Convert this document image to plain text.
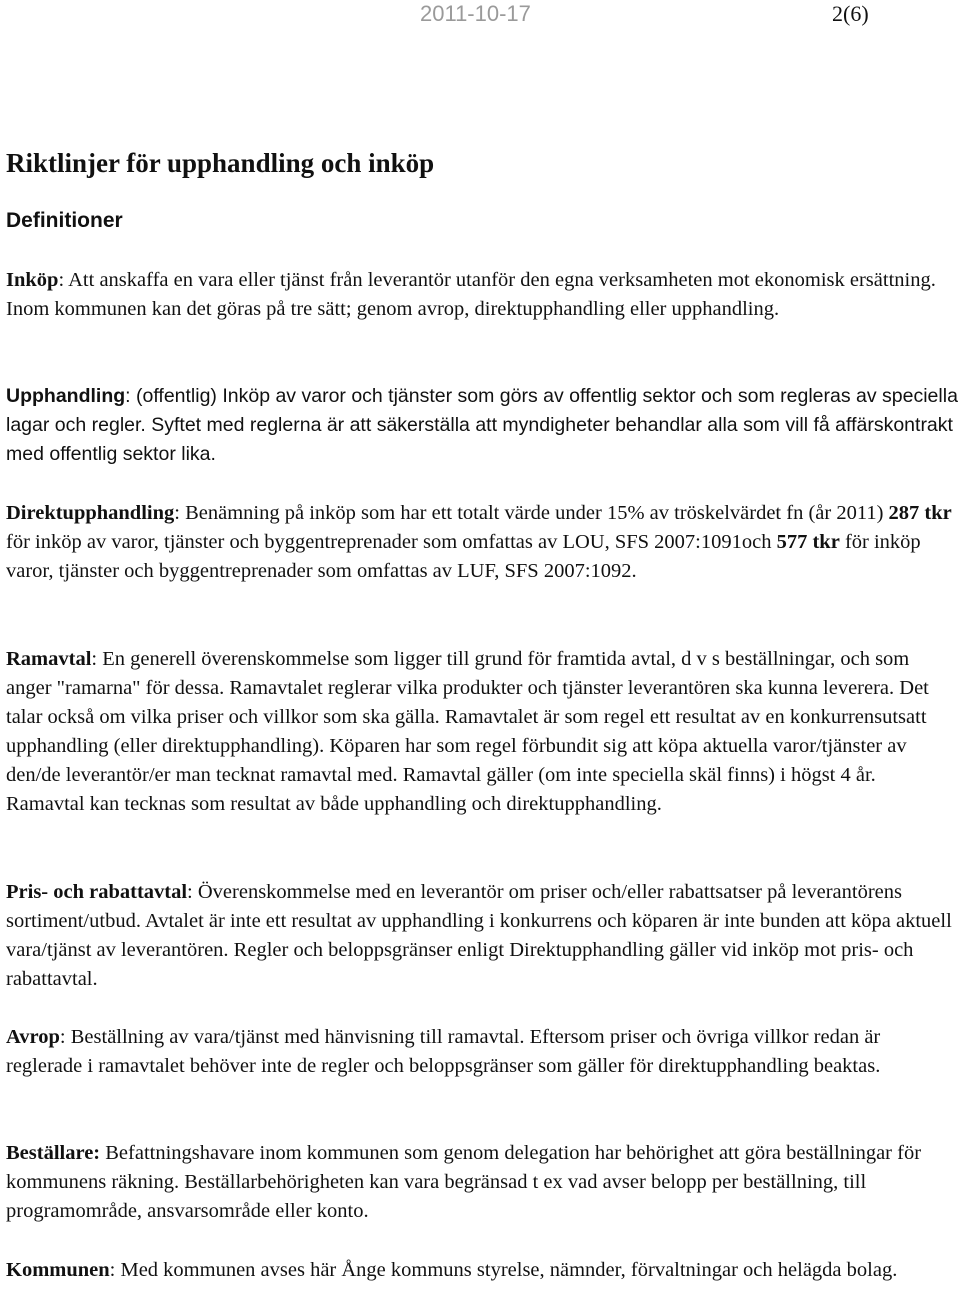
2011-10-17	2(6)
Riktlinjer för upphandling och inköp
Definitioner

Inköp: Att anskaffa en vara eller tjänst från leverantör utanför den egna verksamheten mot ekonomisk ersättning. Inom kommunen kan det göras på tre sätt; genom avrop, direktupphandling eller upphandling.

Upphandling: (offentlig) Inköp av varor och tjänster som görs av offentlig sektor och som regleras av speciella lagar och regler. Syftet med reglerna är att säkerställa att myndigheter behandlar alla som vill få affärskontrakt med offentlig sektor lika.

Direktupphandling: Benämning på inköp som har ett totalt värde under 15% av tröskelvärdet fn (år 2011) 287 tkr för inköp av varor, tjänster och byggentreprenader som omfattas av LOU, SFS 2007:1091och 577 tkr för inköp varor, tjänster och byggentreprenader som omfattas av LUF, SFS 2007:1092.

Ramavtal: En generell överenskommelse som ligger till grund för framtida avtal, d v s beställningar, och som anger "ramarna" för dessa. Ramavtalet reglerar vilka produkter och tjänster leverantören ska kunna leverera. Det talar också om vilka priser och villkor som ska gälla. Ramavtalet är som regel ett resultat av en konkurrensutsatt upphandling (eller direktupphandling). Köparen har som regel förbundit sig att köpa aktuella varor/tjänster av den/de leverantör/er man tecknat ramavtal med. Ramavtal gäller (om inte speciella skäl finns) i högst 4 år. Ramavtal kan tecknas som resultat av både upphandling och direktupphandling.

Pris- och rabattavtal: Överenskommelse med en leverantör om priser och/eller rabattsatser på leverantörens sortiment/utbud. Avtalet är inte ett resultat av upphandling i konkurrens och köparen är inte bunden att köpa aktuell vara/tjänst av leverantören. Regler och beloppsgränser enligt Direktupphandling gäller vid inköp mot pris- och rabattavtal.

Avrop: Beställning av vara/tjänst med hänvisning till ramavtal. Eftersom priser och övriga villkor redan är reglerade i ramavtalet behöver inte de regler och beloppsgränser som gäller för direktupphandling beaktas.

Beställare: Befattningshavare inom kommunen som genom delegation har behörighet att göra beställningar för kommunens räkning. Beställarbehörigheten kan vara begränsad t ex vad avser belopp per beställning, till programområde, ansvarsområde eller konto.

Kommunen: Med kommunen avses här Ånge kommuns styrelse, nämnder, förvaltningar och helägda bolag.
